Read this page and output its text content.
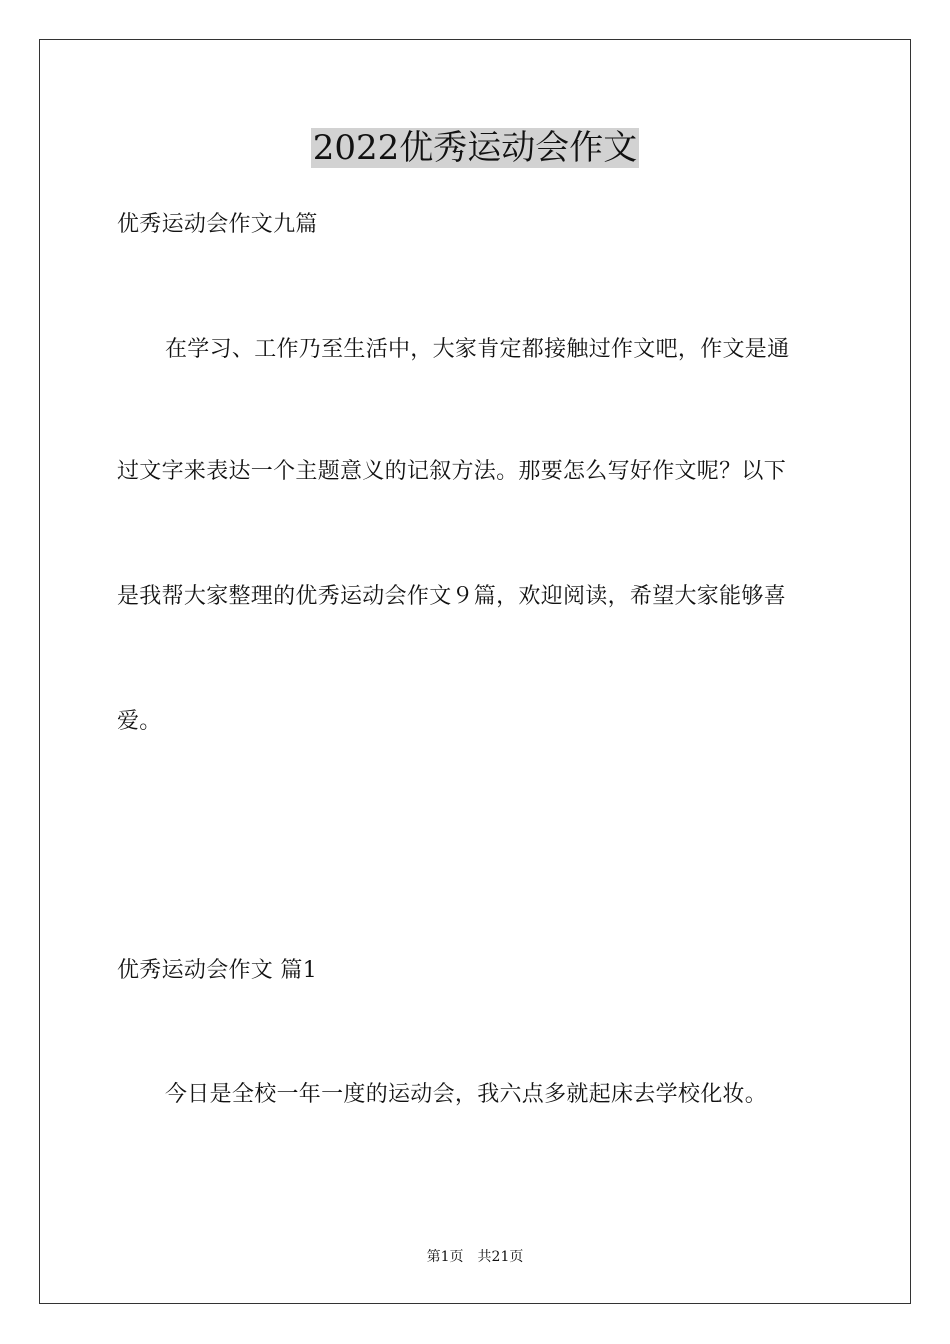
2022优秀运动会作文
优秀运动会作文九篇
在学习、工作乃至生活中，大家肯定都接触过作文吧，作文是通
过文字来表达一个主题意义的记叙方法。那要怎么写好作文呢？以下
是我帮大家整理的优秀运动会作文９篇，欢迎阅读，希望大家能够喜
爱。
优秀运动会作文 篇1
今日是全校一年一度的运动会，我六点多就起床去学校化妆。
第1页　共21页
